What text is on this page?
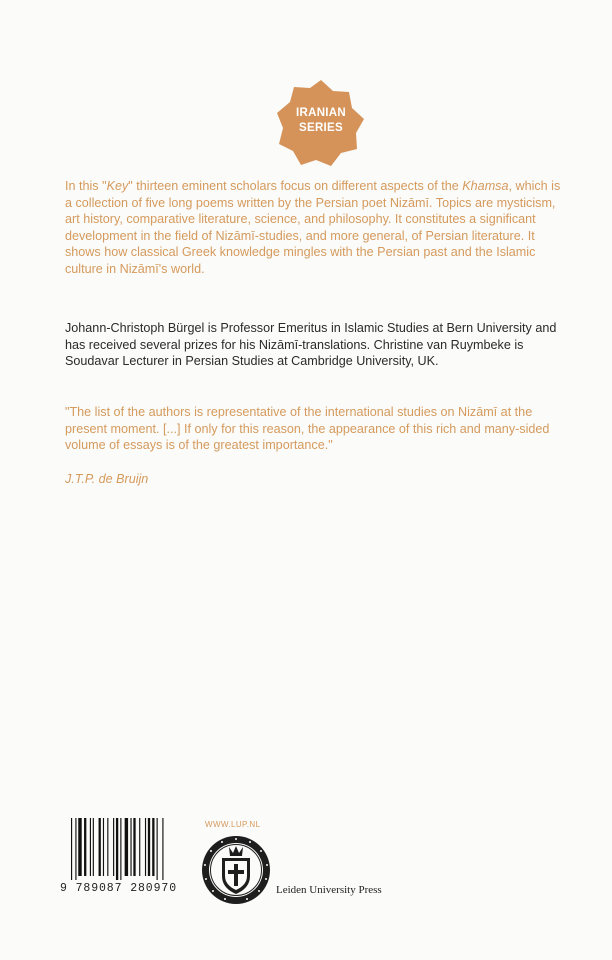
IRANIAN
SERIES

In this "Key" thirteen eminent scholars focus on different aspects of the Khamsa, which is a collection of five long poems written by the Persian poet Nizāmī. Topics are mysticism, art history, comparative literature, science, and philosophy. It constitutes a significant development in the field of Nizāmī-studies, and more general, of Persian literature. It shows how classical Greek knowledge mingles with the Persian past and the Islamic culture in Nizāmī's world.

Johann-Christoph Bürgel is Professor Emeritus in Islamic Studies at Bern University and has received several prizes for his Nizāmī-translations. Christine van Ruymbeke is Soudavar Lecturer in Persian Studies at Cambridge University, UK.

"The list of the authors is representative of the international studies on Nizāmī at the present moment. [...] If only for this reason, the appearance of this rich and many-sided volume of essays is of the greatest importance."

J.T.P. de Bruijn
9 789087 280970
WWW.LUP.NL
Leiden University Press
